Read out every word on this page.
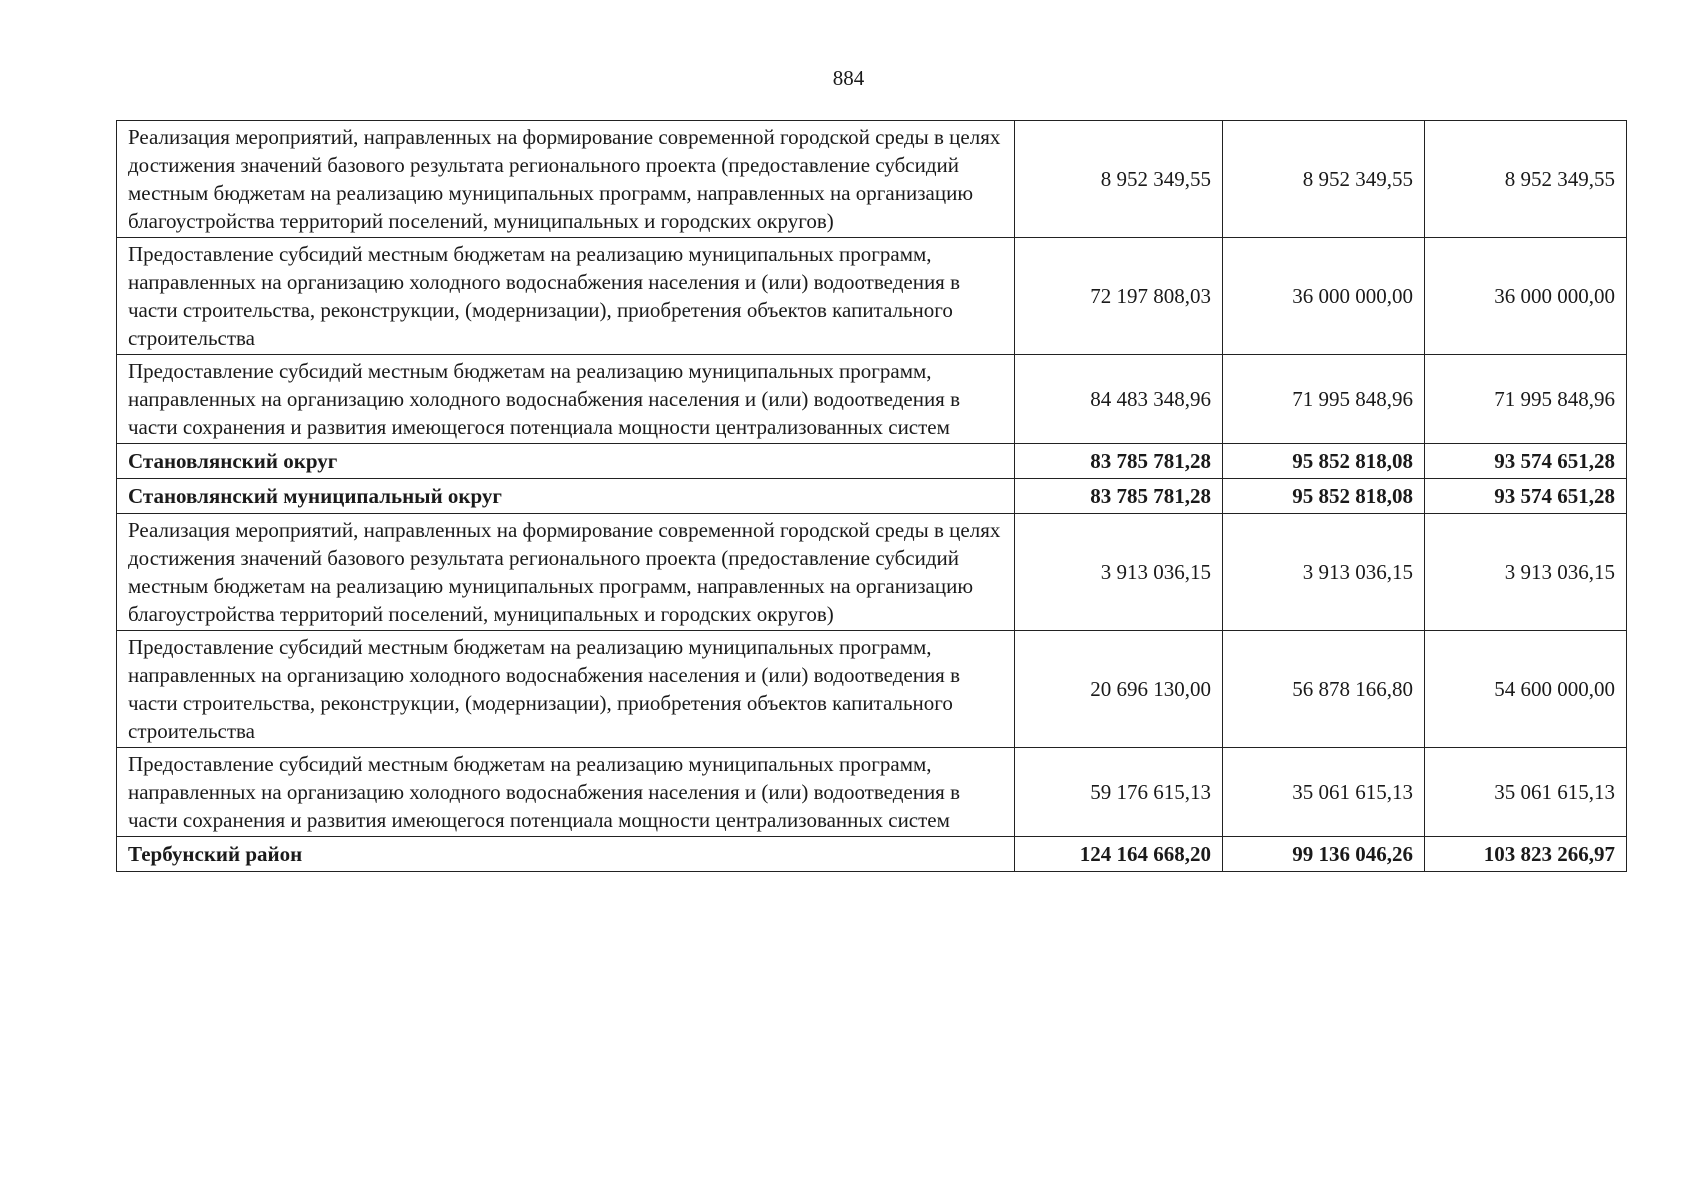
884
Реализация мероприятий, направленных на формирование современной городской среды в целях достижения значений базового результата регионального проекта (предоставление субсидий местным бюджетам на реализацию муниципальных программ, направленных на организацию благоустройства территорий поселений, муниципальных и городских округов)	8 952 349,55	8 952 349,55	8 952 349,55
Предоставление субсидий местным бюджетам на реализацию муниципальных программ, направленных на организацию холодного водоснабжения населения и (или) водоотведения в части строительства, реконструкции, (модернизации), приобретения объектов капитального строительства	72 197 808,03	36 000 000,00	36 000 000,00
Предоставление субсидий местным бюджетам на реализацию муниципальных программ, направленных на организацию холодного водоснабжения населения и (или) водоотведения в части сохранения и развития имеющегося потенциала мощности централизованных систем	84 483 348,96	71 995 848,96	71 995 848,96
Становлянский округ	83 785 781,28	95 852 818,08	93 574 651,28
Становлянский муниципальный округ	83 785 781,28	95 852 818,08	93 574 651,28
Реализация мероприятий, направленных на формирование современной городской среды в целях достижения значений базового результата регионального проекта (предоставление субсидий местным бюджетам на реализацию муниципальных программ, направленных на организацию благоустройства территорий поселений, муниципальных и городских округов)	3 913 036,15	3 913 036,15	3 913 036,15
Предоставление субсидий местным бюджетам на реализацию муниципальных программ, направленных на организацию холодного водоснабжения населения и (или) водоотведения в части строительства, реконструкции, (модернизации), приобретения объектов капитального строительства	20 696 130,00	56 878 166,80	54 600 000,00
Предоставление субсидий местным бюджетам на реализацию муниципальных программ, направленных на организацию холодного водоснабжения населения и (или) водоотведения в части сохранения и развития имеющегося потенциала мощности централизованных систем	59 176 615,13	35 061 615,13	35 061 615,13
Тербунский район	124 164 668,20	99 136 046,26	103 823 266,97
